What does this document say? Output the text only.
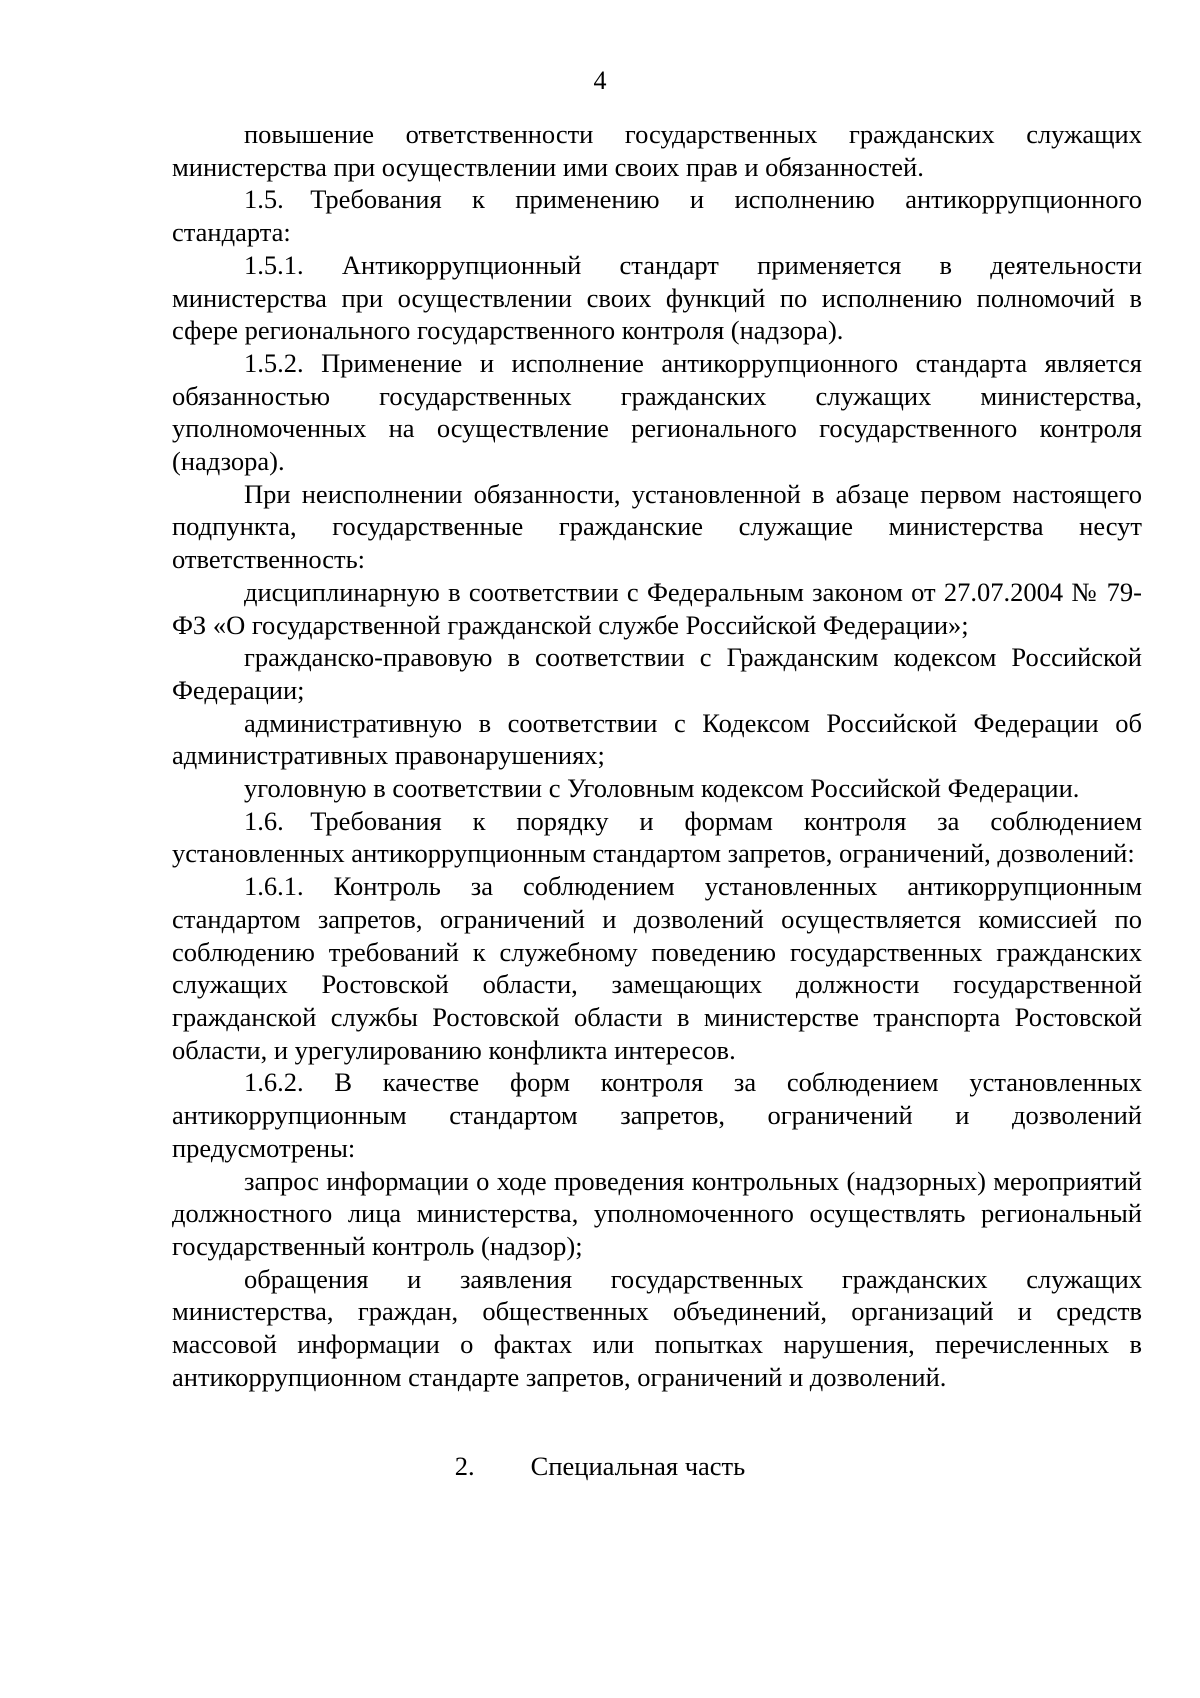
4

повышение ответственности государственных гражданских служащих министерства при осуществлении ими своих прав и обязанностей.

1.5. Требования к применению и исполнению антикоррупционного стандарта:

1.5.1. Антикоррупционный стандарт применяется в деятельности министерства при осуществлении своих функций по исполнению полномочий в сфере регионального государственного контроля (надзора).

1.5.2. Применение и исполнение антикоррупционного стандарта является обязанностью государственных гражданских служащих министерства, уполномоченных на осуществление регионального государственного контроля (надзора).

При неисполнении обязанности, установленной в абзаце первом настоящего подпункта, государственные гражданские служащие министерства несут ответственность:

дисциплинарную в соответствии с Федеральным законом от 27.07.2004 № 79-ФЗ «О государственной гражданской службе Российской Федерации»;

гражданско-правовую в соответствии с Гражданским кодексом Российской Федерации;

административную в соответствии с Кодексом Российской Федерации об административных правонарушениях;

уголовную в соответствии с Уголовным кодексом Российской Федерации.

1.6. Требования к порядку и формам контроля за соблюдением установленных антикоррупционным стандартом запретов, ограничений, дозволений:

1.6.1. Контроль за соблюдением установленных антикоррупционным стандартом запретов, ограничений и дозволений осуществляется комиссией по соблюдению требований к служебному поведению государственных гражданских служащих Ростовской области, замещающих должности государственной гражданской службы Ростовской области в министерстве транспорта Ростовской области, и урегулированию конфликта интересов.

1.6.2. В качестве форм контроля за соблюдением установленных антикоррупционным стандартом запретов, ограничений и дозволений предусмотрены:

запрос информации о ходе проведения контрольных (надзорных) мероприятий должностного лица министерства, уполномоченного осуществлять региональный государственный контроль (надзор);

обращения и заявления государственных гражданских служащих министерства, граждан, общественных объединений, организаций и средств массовой информации о фактах или попытках нарушения, перечисленных в антикоррупционном стандарте запретов, ограничений и дозволений.

2. Специальная часть
